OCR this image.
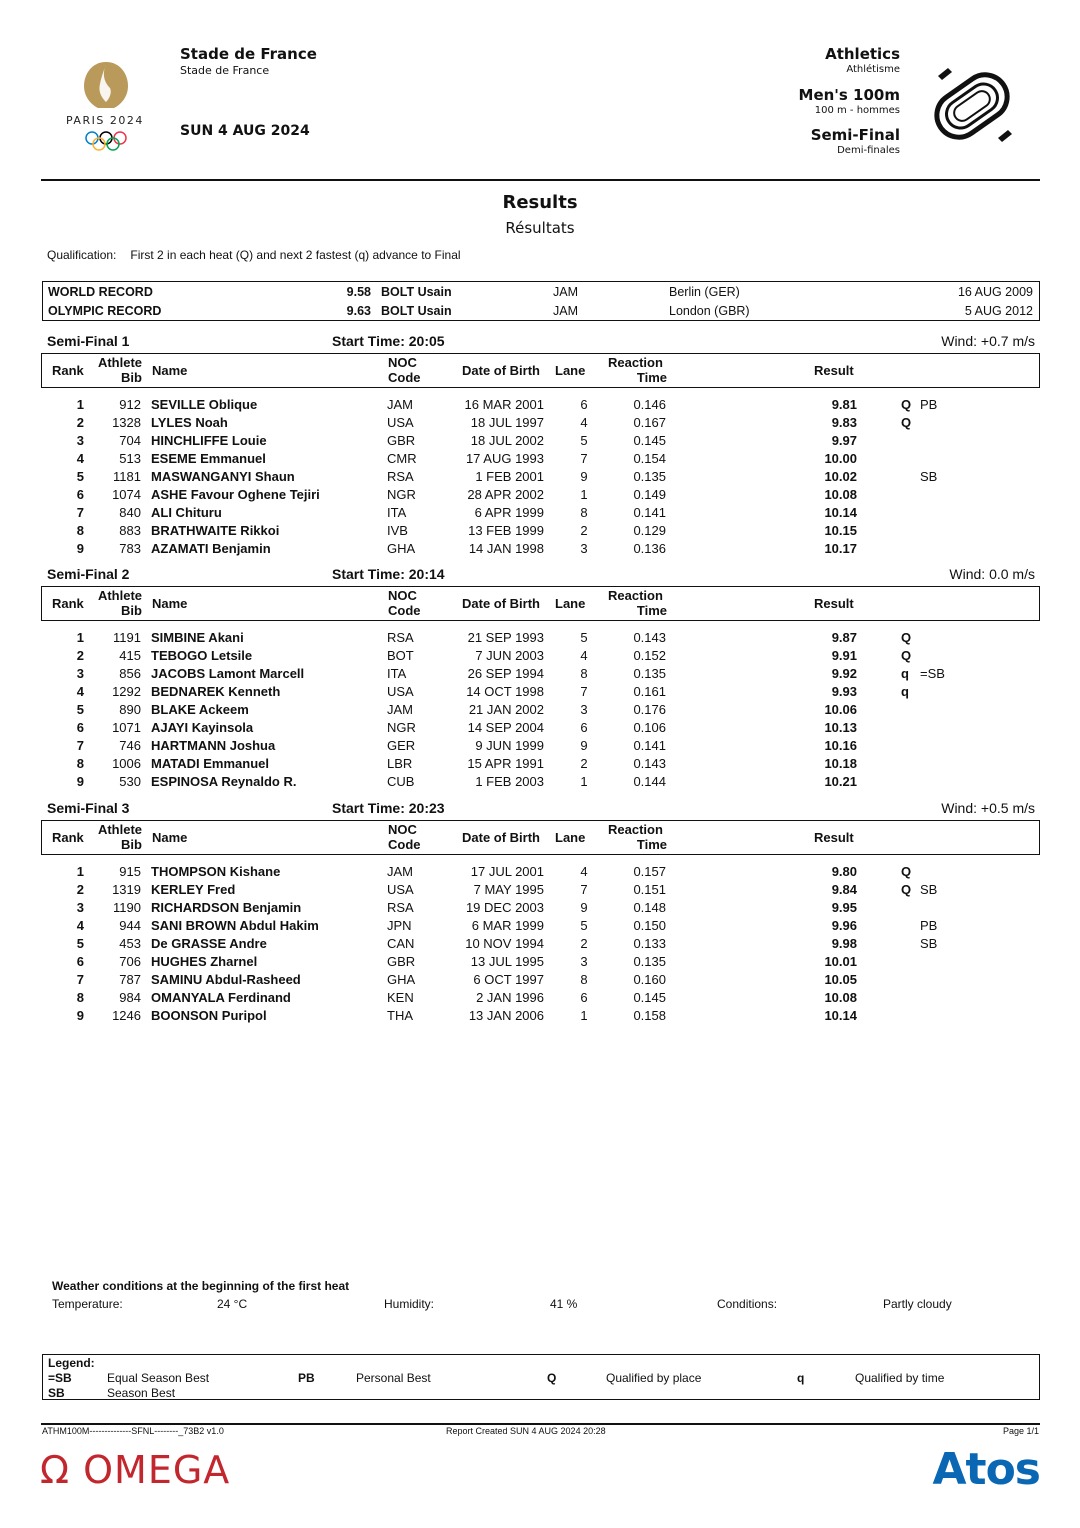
PARIS 2024
Stade de France
Stade de France
SUN 4 AUG 2024
Athletics
Athlétisme
Men's 100m
100 m - hommes
Semi-Final
Demi-finales
Results
Résultats
Qualification: First 2 in each heat (Q) and next 2 fastest (q) advance to Final
WORLD RECORD	9.58 BOLT Usain	JAM	Berlin (GER)	16 AUG 2009
OLYMPIC RECORD	9.63 BOLT Usain	JAM	London (GBR)	5 AUG 2012
Semi-Final 1	Start Time: 20:05	Wind: +0.7 m/s
Rank
Athlete
Bib Name
NOC
Code	Date of Birth Lane
Reaction
Time	Result
1	912 SEVILLE Oblique	JAM	16 MAR 2001	6	0.146	9.81	Q PB
2	1328 LYLES Noah	USA	18 JUL 1997	4	0.167	9.83	Q
3	704 HINCHLIFFE Louie	GBR	18 JUL 2002	5	0.145	9.97
4	513 ESEME Emmanuel	CMR	17 AUG 1993	7	0.154	10.00
5	1181 MASWANGANYI Shaun	RSA	1 FEB 2001	9	0.135	10.02	SB
6	1074 ASHE Favour Oghene Tejiri	NGR	28 APR 2002	1	0.149	10.08
7	840 ALI Chituru	ITA	6 APR 1999	8	0.141	10.14
8	883 BRATHWAITE Rikkoi	IVB	13 FEB 1999	2	0.129	10.15
9	783 AZAMATI Benjamin	GHA	14 JAN 1998	3	0.136	10.17
Semi-Final 2	Start Time: 20:14	Wind: 0.0 m/s
Rank
Athlete
Bib Name
NOC
Code	Date of Birth Lane
Reaction
Time	Result
1	1191 SIMBINE Akani	RSA	21 SEP 1993	5	0.143	9.87	Q
2	415 TEBOGO Letsile	BOT	7 JUN 2003	4	0.152	9.91	Q
3	856 JACOBS Lamont Marcell	ITA	26 SEP 1994	8	0.135	9.92	q =SB
4	1292 BEDNAREK Kenneth	USA	14 OCT 1998	7	0.161	9.93	q
5	890 BLAKE Ackeem	JAM	21 JAN 2002	3	0.176	10.06
6	1071 AJAYI Kayinsola	NGR	14 SEP 2004	6	0.106	10.13
7	746 HARTMANN Joshua	GER	9 JUN 1999	9	0.141	10.16
8	1006 MATADI Emmanuel	LBR	15 APR 1991	2	0.143	10.18
9	530 ESPINOSA Reynaldo R.	CUB	1 FEB 2003	1	0.144	10.21
Semi-Final 3	Start Time: 20:23	Wind: +0.5 m/s
Rank
Athlete
Bib Name
NOC
Code	Date of Birth Lane
Reaction
Time	Result
1	915 THOMPSON Kishane	JAM	17 JUL 2001	4	0.157	9.80	Q
2	1319 KERLEY Fred	USA	7 MAY 1995	7	0.151	9.84	Q SB
3	1190 RICHARDSON Benjamin	RSA	19 DEC 2003	9	0.148	9.95
4	944 SANI BROWN Abdul Hakim	JPN	6 MAR 1999	5	0.150	9.96	PB
5	453 De GRASSE Andre	CAN	10 NOV 1994	2	0.133	9.98	SB
6	706 HUGHES Zharnel	GBR	13 JUL 1995	3	0.135	10.01
7	787 SAMINU Abdul-Rasheed	GHA	6 OCT 1997	8	0.160	10.05
8	984 OMANYALA Ferdinand	KEN	2 JAN 1996	6	0.145	10.08
9	1246 BOONSON Puripol	THA	13 JAN 2006	1	0.158	10.14
Weather conditions at the beginning of the first heat
Temperature:	24 °C	Humidity:	41 %	Conditions:	Partly cloudy
Legend:
=SB	Equal Season Best	PB	Personal Best	Q	Qualified by place	q	Qualified by time
SB	Season Best
ATHM100M--------------SFNL--------_73B2 v1.0	Report Created SUN 4 AUG 2024 20:28	Page 1/1
Ω OMEGA	Atos
